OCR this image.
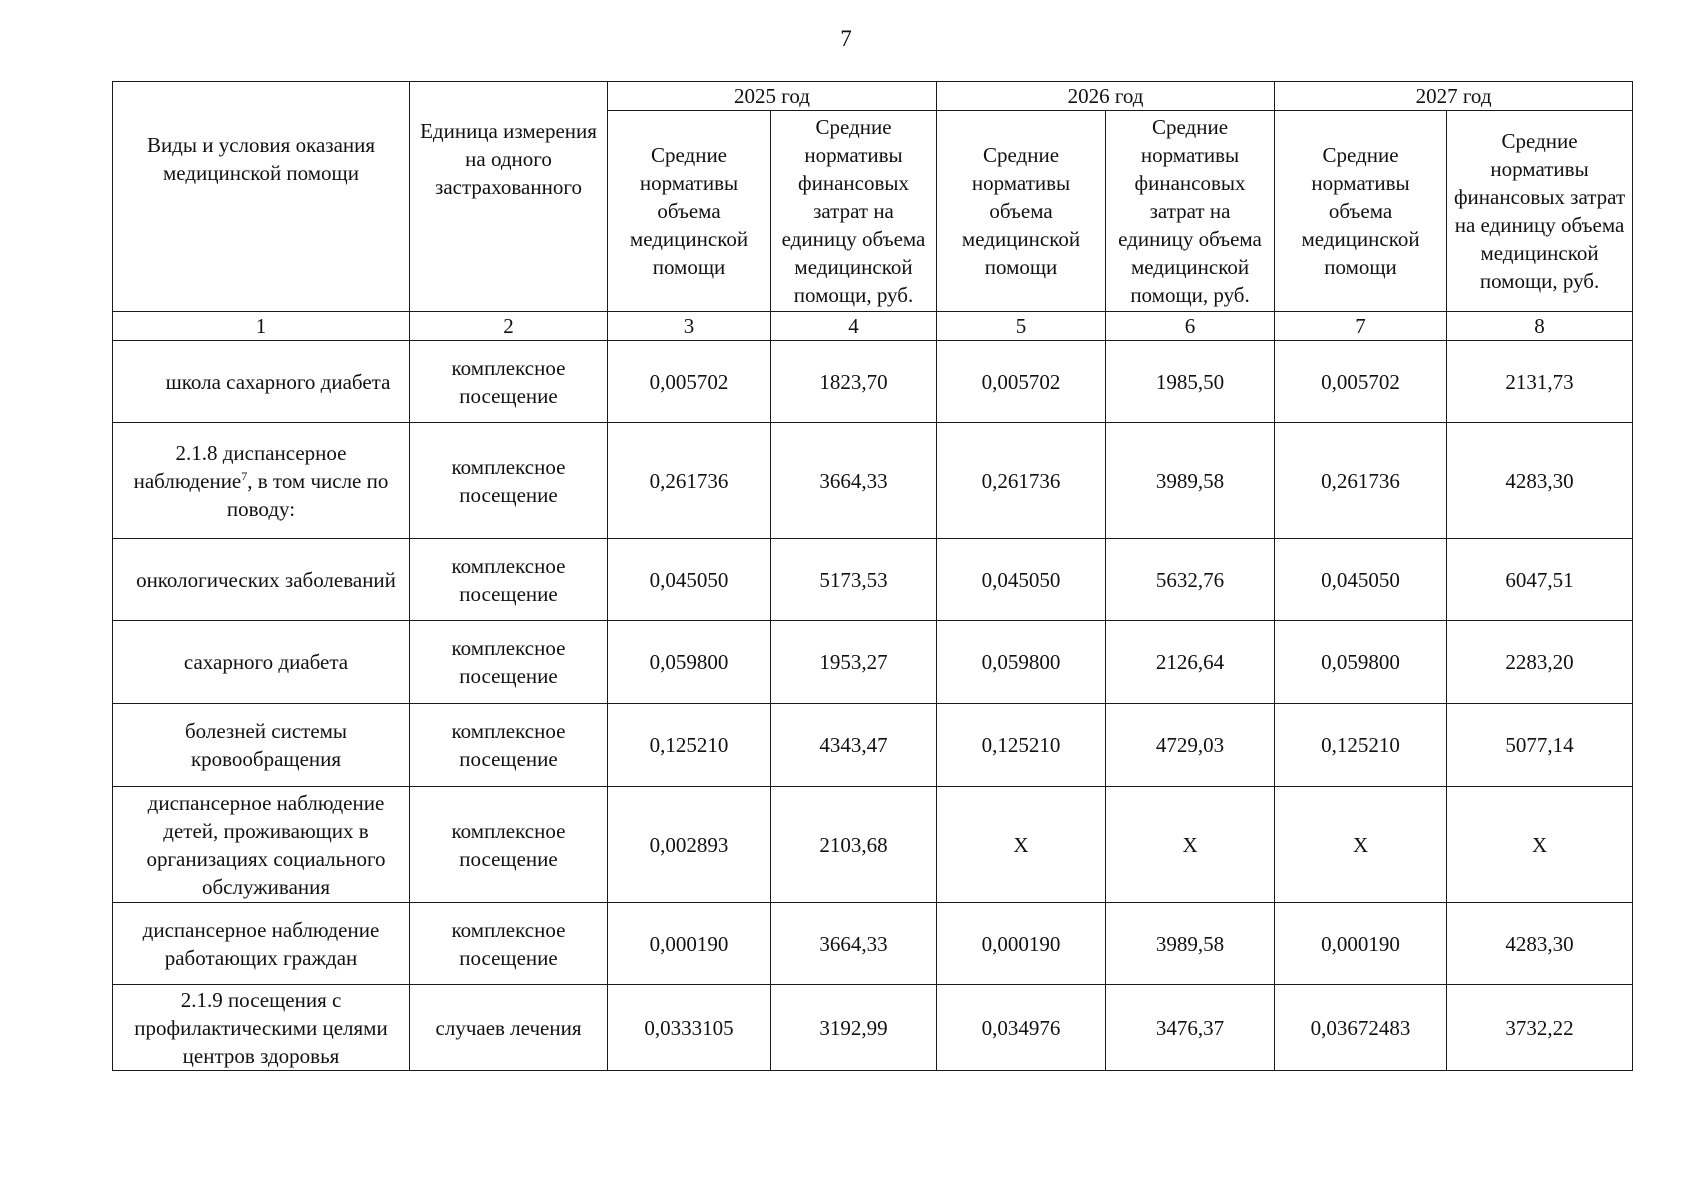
7
Виды и условия оказания медицинской помощи	Единица измерения на одного застрахованного	2025 год		2026 год		2027 год	
		Средние нормативы объема медицинской помощи	Средние нормативы финансовых затрат на единицу объема медицинской помощи, руб.	Средние нормативы объема медицинской помощи	Средние нормативы финансовых затрат на единицу объема медицинской помощи, руб.	Средние нормативы объема медицинской помощи	Средние нормативы финансовых затрат на единицу объема медицинской помощи, руб.
1	2	3	4	5	6	7	8
школа сахарного диабета	комплексное посещение	0,005702	1823,70	0,005702	1985,50	0,005702	2131,73
2.1.8 диспансерное наблюдение$^7$, в том числе по поводу:	комплексное посещение	0,261736	3664,33	0,261736	3989,58	0,261736	4283,30
онкологических заболеваний	комплексное посещение	0,045050	5173,53	0,045050	5632,76	0,045050	6047,51
сахарного диабета	комплексное посещение	0,059800	1953,27	0,059800	2126,64	0,059800	2283,20
болезней системы кровообращения	комплексное посещение	0,125210	4343,47	0,125210	4729,03	0,125210	5077,14
диспансерное наблюдение детей, проживающих в организациях социального обслуживания	комплексное посещение	0,002893	2103,68	Х	Х	Х	Х
диспансерное наблюдение работающих граждан	комплексное посещение	0,000190	3664,33	0,000190	3989,58	0,000190	4283,30
2.1.9 посещения с профилактическими целями центров здоровья	случаев лечения	0,0333105	3192,99	0,034976	3476,37	0,03672483	3732,22
